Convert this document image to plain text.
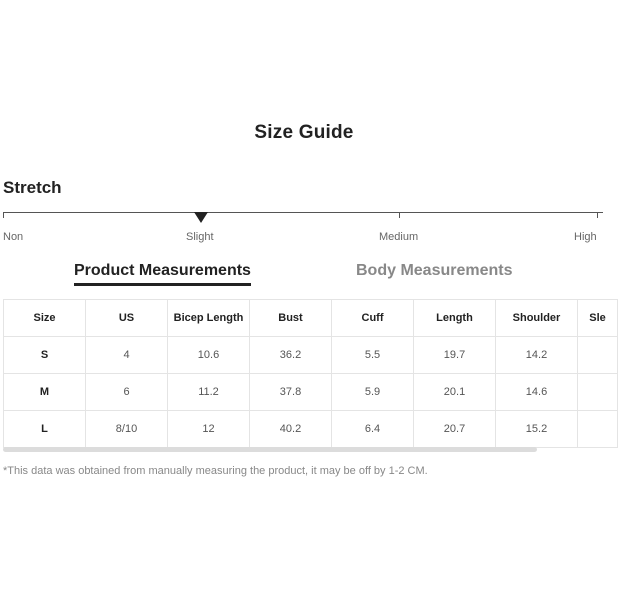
Size Guide
Stretch
Non	Slight	Medium	High
Product Measurements	Body Measurements
Size	US	Bicep Length	Bust	Cuff	Length	Shoulder	Sle
S	4	10.6	36.2	5.5	19.7	14.2	
M	6	11.2	37.8	5.9	20.1	14.6	
L	8/10	12	40.2	6.4	20.7	15.2	
*This data was obtained from manually measuring the product, it may be off by 1-2 CM.
